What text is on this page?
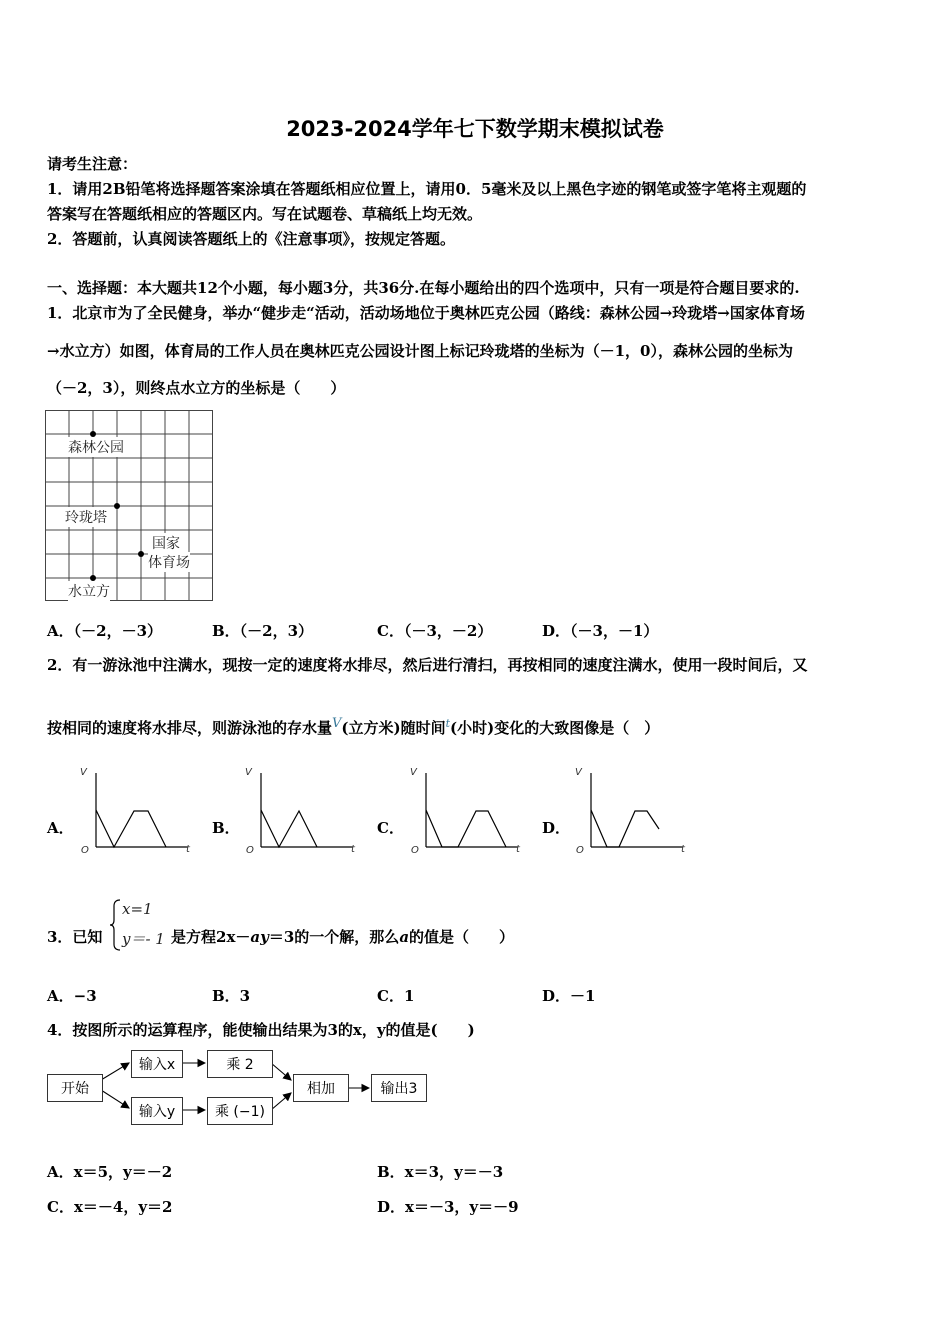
2023-2024学年七下数学期末模拟试卷
请考生注意：
1．请用2B铅笔将选择题答案涂填在答题纸相应位置上，请用0．5毫米及以上黑色字迹的钢笔或签字笔将主观题的
答案写在答题纸相应的答题区内。写在试题卷、草稿纸上均无效。
2．答题前，认真阅读答题纸上的《注意事项》，按规定答题。
一、选择题：本大题共12个小题，每小题3分，共36分.在每小题给出的四个选项中，只有一项是符合题目要求的.
1．北京市为了全民健身，举办“健步走“活动，活动场地位于奥林匹克公园（路线：森林公园→玲珑塔→国家体育场
→水立方）如图，体育局的工作人员在奥林匹克公园设计图上标记玲珑塔的坐标为（－1，0），森林公园的坐标为
（－2，3），则终点水立方的坐标是（　　）
森林公园
玲珑塔
国家
体育场
水立方
A．（－2，－3）	B．（－2，3）	C．（－3，－2）	D．（－3，－1）
2．有一游泳池中注满水，现按一定的速度将水排尽，然后进行清扫，再按相同的速度注满水，使用一段时间后，又
按相同的速度将水排尽，则游泳池的存水量V(立方米)随时间$^t$(小时)变化的大致图像是（　）
A．
V
t
O
B．
V
t
O
C．
V
t
O
D．
V
t
O
3．已知
x=1
y＝- 1 是方程2x－ay＝3的一个解，那么a的值是（　　）
A．−3	B．3	C．1	D．－1
4．按图所示的运算程序，能使输出结果为3的x，y的值是(　　)
开始
输入x
输入y
乘 2
乘 (−1)
相加	输出3
A．x＝5，y＝－2	B．x＝3，y＝－3
C．x＝－4，y＝2	D．x＝－3，y＝－9
